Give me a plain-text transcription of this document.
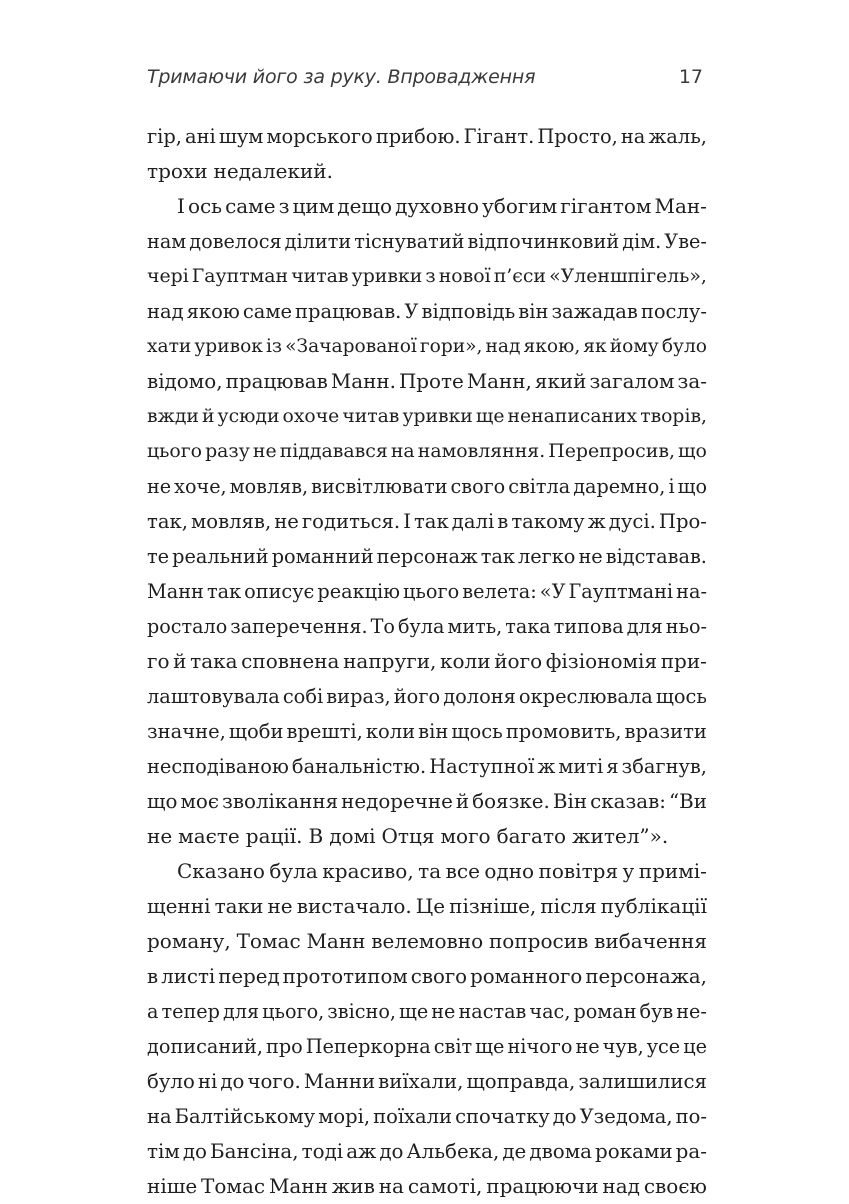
Тримаючи його за руку. Впровадження	17
гір, ані шум морського прибою. Гігант. Просто, на жаль,
трохи недалекий.
І ось саме з цим дещо духовно убогим гігантом Ман-
нам довелося ділити тіснуватий відпочинковий дім. Уве-
чері Гауптман читав уривки з нової п’єси «Уленшпігель»,
над якою саме працював. У відповідь він зажадав послу-
хати уривок із «Зачарованої гори», над якою, як йому було
відомо, працював Манн. Проте Манн, який загалом за-
вжди й усюди охоче читав уривки ще ненаписаних творів,
цього разу не піддавався на намовляння. Перепросив, що
не хоче, мовляв, висвітлювати свого світла даремно, і що
так, мовляв, не годиться. І так далі в такому ж дусі. Про-
те реальний романний персонаж так легко не відставав.
Манн так описує реакцію цього велета: «У Гауптмані на-
ростало заперечення. То була мить, така типова для ньо-
го й така сповнена напруги, коли його фізіономія при-
лаштовувала собі вираз, його долоня окреслювала щось
значне, щоби врешті, коли він щось промовить, вразити
несподіваною банальністю. Наступної ж миті я збагнув,
що моє зволікання недоречне й боязке. Він сказав: “Ви
не маєте рації. В домі Отця мого багато жител”».
Сказано була красиво, та все одно повітря у примі-
щенні таки не вистачало. Це пізніше, після публікації
роману, Томас Манн велемовно попросив вибачення
в листі перед прототипом свого романного персонажа,
а тепер для цього, звісно, ще не настав час, роман був не-
дописаний, про Пеперкорна світ ще нічого не чув, усе це
було ні до чого. Манни виїхали, щоправда, залишилися
на Балтійському морі, поїхали спочатку до Узедома, по-
тім до Бансіна, тоді аж до Альбека, де двома роками ра-
ніше Томас Манн жив на самоті, працюючи над своєю
